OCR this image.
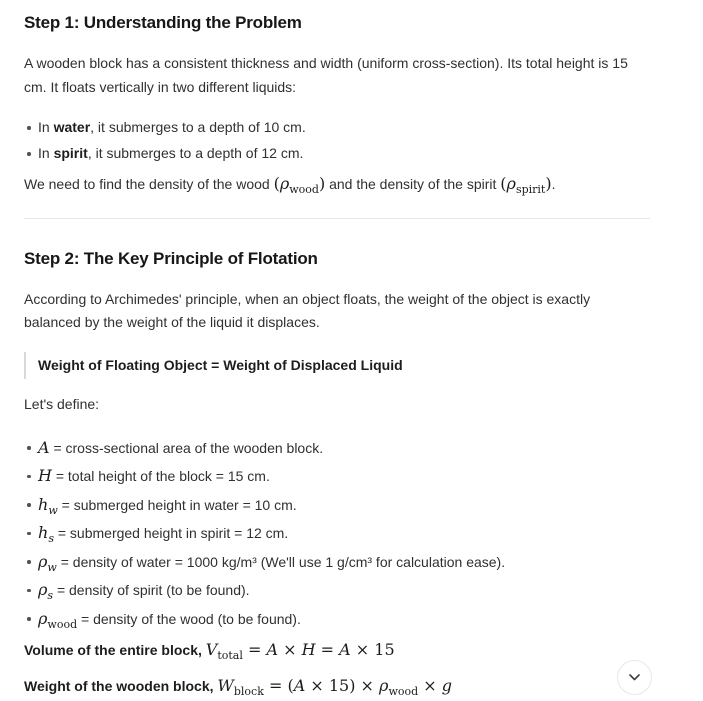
Step 1: Understanding the Problem

A wooden block has a consistent thickness and width (uniform cross-section). Its total height is 15 cm. It floats vertically in two different liquids:

In water, it submerges to a depth of 10 cm.
In spirit, it submerges to a depth of 12 cm.

We need to find the density of the wood $(\rho_{wood})$ and the density of the spirit $(\rho_{spirit})$.

Step 2: The Key Principle of Flotation

According to Archimedes' principle, when an object floats, the weight of the object is exactly balanced by the weight of the liquid it displaces.

Weight of Floating Object = Weight of Displaced Liquid

Let's define:

A = cross-sectional area of the wooden block.
H = total height of the block = 15 cm.
$h_w$ = submerged height in water = 10 cm.
$h_s$ = submerged height in spirit = 12 cm.
$\rho_w$ = density of water = 1000 kg/m³ (We'll use 1 g/cm³ for calculation ease).
$\rho_s$ = density of spirit (to be found).
$\rho_{wood}$ = density of the wood (to be found).

Volume of the entire block, $V_{total} = A \times H = A \times 15$

Weight of the wooden block, $W_{block} = (A \times 15) \times \rho_{wood} \times g$
